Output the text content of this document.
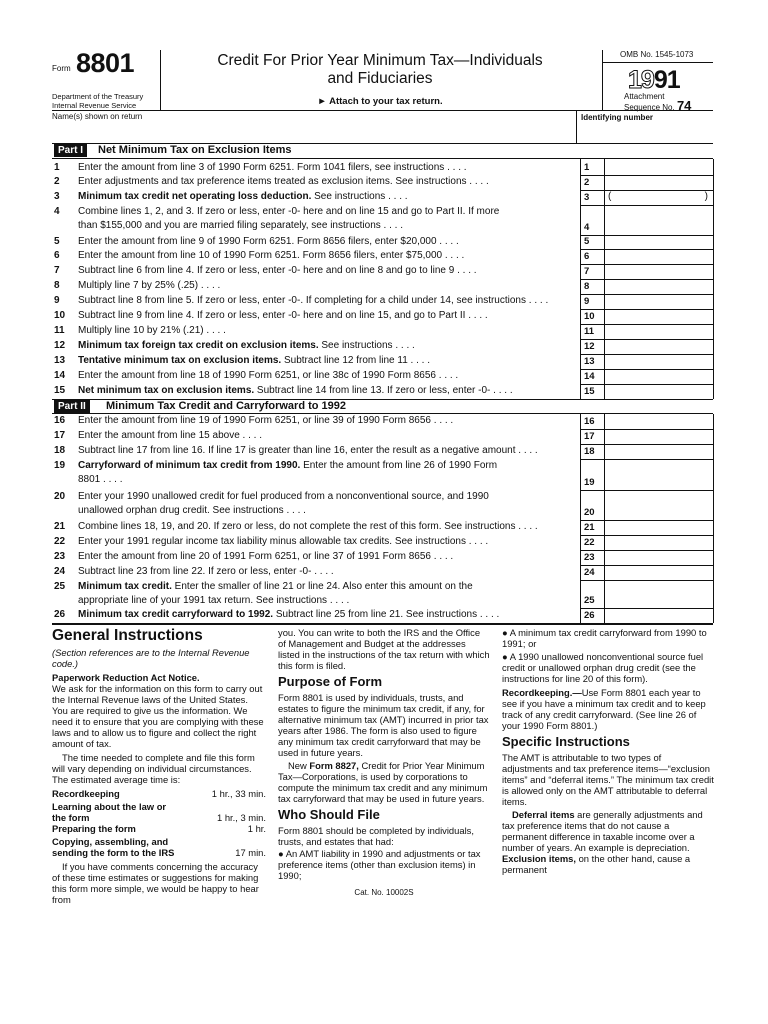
Form 8801
Department of the Treasury
Internal Revenue Service
Credit For Prior Year Minimum Tax—Individuals
and Fiduciaries
► Attach to your tax return.
OMB No. 1545-1073
1991
Attachment
Sequence No. 74
Name(s) shown on return	Identifying number
Part I	Net Minimum Tax on Exclusion Items
1	Enter the amount from line 3 of 1990 Form 6251. Form 1041 filers, see instructions . . . .	1
2	Enter adjustments and tax preference items treated as exclusion items. See instructions . . . .	2
3	Minimum tax credit net operating loss deduction. See instructions . . . .	3	(	)
4	Combine lines 1, 2, and 3. If zero or less, enter -0- here and on line 15 and go to Part II. If more
than $155,000 and you are married filing separately, see instructions . . . .	4
5	Enter the amount from line 9 of 1990 Form 6251. Form 8656 filers, enter $20,000 . . . .	5
6	Enter the amount from line 10 of 1990 Form 6251. Form 8656 filers, enter $75,000 . . . .	6
7	Subtract line 6 from line 4. If zero or less, enter -0- here and on line 8 and go to line 9 . . . .	7
8	Multiply line 7 by 25% (.25) . . . .	8
9	Subtract line 8 from line 5. If zero or less, enter -0-. If completing for a child under 14, see instructions . . . .	9
10 Subtract line 9 from line 4. If zero or less, enter -0- here and on line 15, and go to Part II . . . .	10
11	Multiply line 10 by 21% (.21) . . . .	11
12 Minimum tax foreign tax credit on exclusion items. See instructions . . . .	12
13 Tentative minimum tax on exclusion items. Subtract line 12 from line 11 . . . .	13
14 Enter the amount from line 18 of 1990 Form 6251, or line 38c of 1990 Form 8656 . . . .	14
15 Net minimum tax on exclusion items. Subtract line 14 from line 13. If zero or less, enter -0- . . . .	15
Part II	Minimum Tax Credit and Carryforward to 1992
16 Enter the amount from line 19 of 1990 Form 6251, or line 39 of 1990 Form 8656 . . . .	16
17 Enter the amount from line 15 above . . . .	17
18 Subtract line 17 from line 16. If line 17 is greater than line 16, enter the result as a negative amount . . . .	18
19 Carryforward of minimum tax credit from 1990. Enter the amount from line 26 of 1990 Form
8801 . . . .	19
20 Enter your 1990 unallowed credit for fuel produced from a nonconventional source, and 1990
unallowed orphan drug credit. See instructions . . . .	20
21 Combine lines 18, 19, and 20. If zero or less, do not complete the rest of this form. See instructions . . . .	21
22 Enter your 1991 regular income tax liability minus allowable tax credits. See instructions . . . .	22
23 Enter the amount from line 20 of 1991 Form 6251, or line 37 of 1991 Form 8656 . . . .	23
24 Subtract line 23 from line 22. If zero or less, enter -0- . . . .	24
25 Minimum tax credit. Enter the smaller of line 21 or line 24. Also enter this amount on the
appropriate line of your 1991 tax return. See instructions . . . .	25
26 Minimum tax credit carryforward to 1992. Subtract line 25 from line 21. See instructions . . . .	26
General Instructions

(Section references are to the Internal Revenue code.)

Paperwork Reduction Act Notice.

We ask for the information on this form to carry out the Internal Revenue laws of the United States. You are required to give us the information. We need it to ensure that you are complying with these laws and to allow us to figure and collect the right amount of tax.

The time needed to complete and file this form will vary depending on individual circumstances. The estimated average time is:

Recordkeeping	1 hr., 33 min.
Learning about the law or the form	1 hr., 3 min.
Preparing the form	1 hr.
Copying, assembling, and sending the form to the IRS	17 min.

If you have comments concerning the accuracy of these time estimates or suggestions for making this form more simple, we would be happy to hear from

you. You can write to both the IRS and the Office of Management and Budget at the addresses listed in the instructions of the tax return with which this form is filed.

Purpose of Form

Form 8801 is used by individuals, trusts, and estates to figure the minimum tax credit, if any, for alternative minimum tax (AMT) incurred in prior tax years after 1986. The form is also used to figure any minimum tax credit carryforward that may be used in future years.

New Form 8827, Credit for Prior Year Minimum Tax—Corporations, is used by corporations to compute the minimum tax credit and any minimum tax carryforward that may be used in future years.

Who Should File

Form 8801 should be completed by individuals, trusts, and estates that had:

● An AMT liability in 1990 and adjustments or tax preference items (other than exclusion items) in 1990;

Cat. No. 10002S

● A minimum tax credit carryforward from 1990 to 1991; or

● A 1990 unallowed nonconventional source fuel credit or unallowed orphan drug credit (see the instructions for line 20 of this form).

Recordkeeping.—Use Form 8801 each year to see if you have a minimum tax credit and to keep track of any credit carryforward. (See line 26 of your 1990 Form 8801.)

Specific Instructions

The AMT is attributable to two types of adjustments and tax preference items—“exclusion items” and “deferral items.” The minimum tax credit is allowed only on the AMT attributable to deferral items.

Deferral items are generally adjustments and tax preference items that do not cause a permanent difference in taxable income over a number of years. An example is depreciation. Exclusion items, on the other hand, cause a permanent
